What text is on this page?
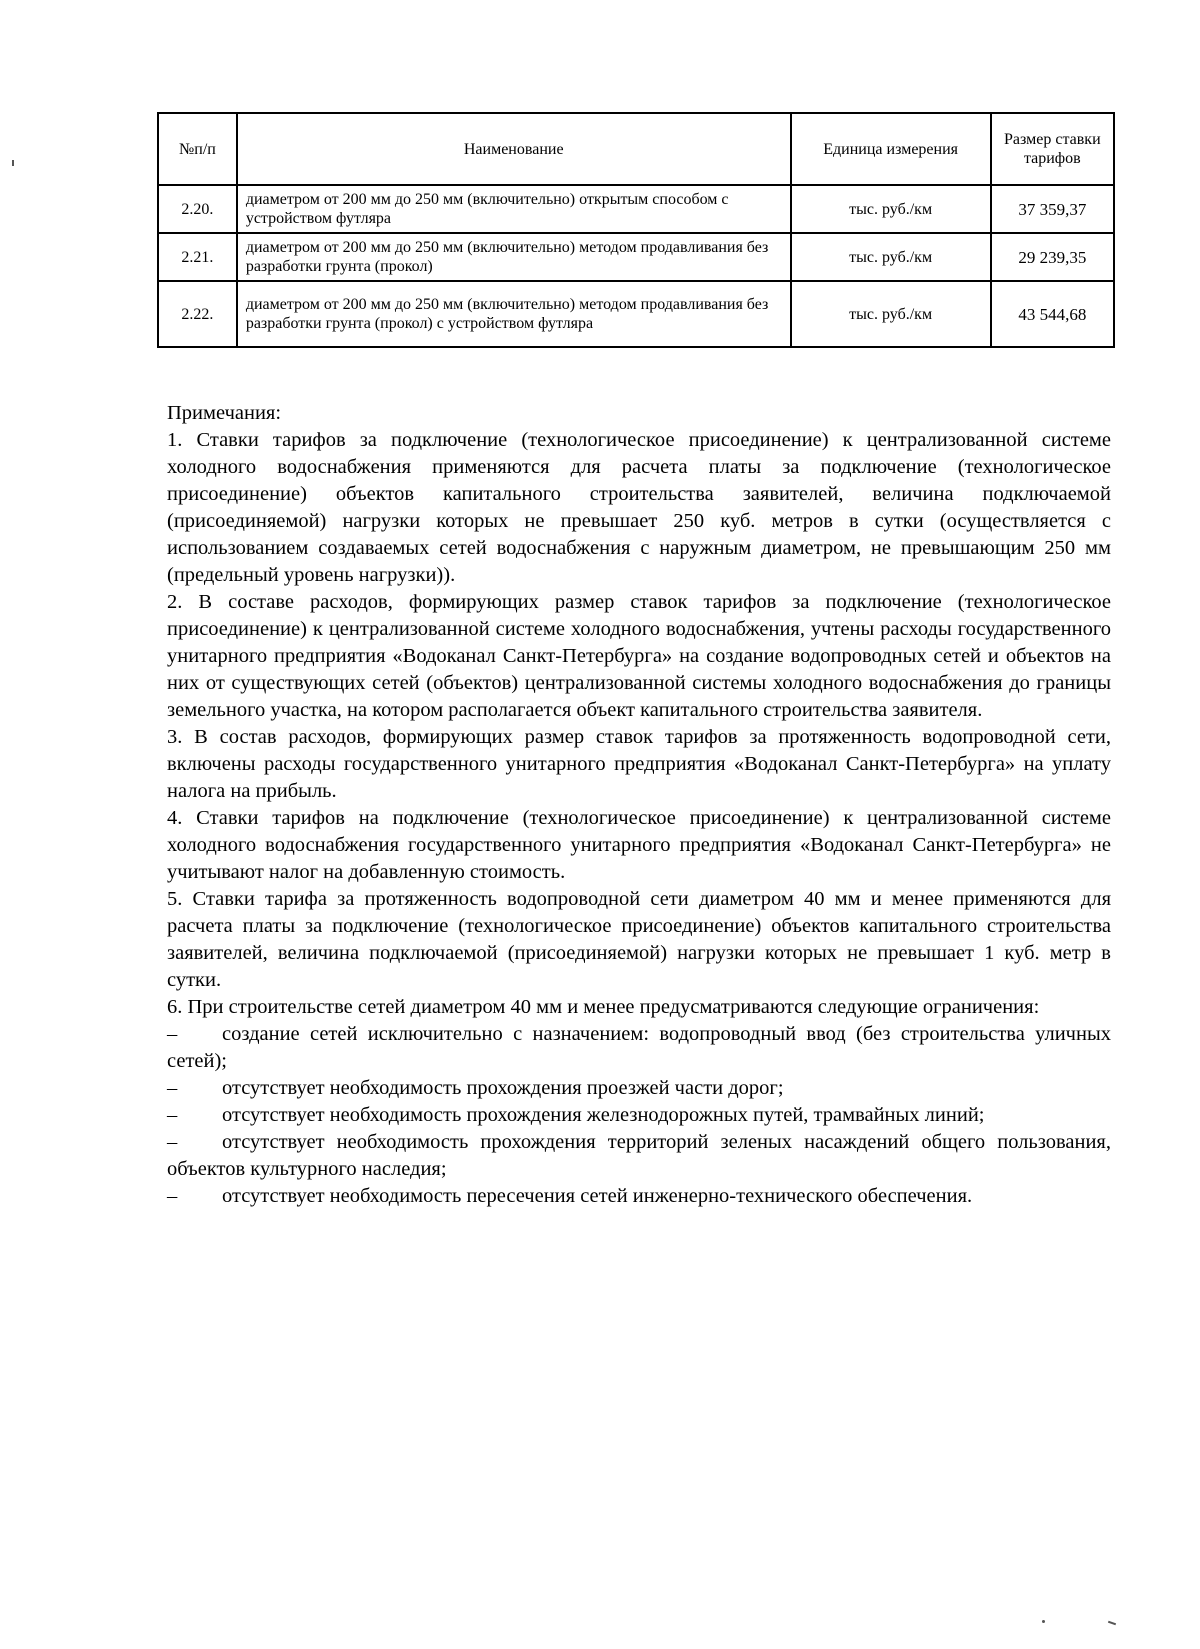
№п/п	Наименование	Единица измерения	Размер ставки тарифов
2.20.	диаметром от 200 мм до 250 мм (включительно) открытым способом с устройством футляра	тыс. руб./км	37 359,37
2.21.	диаметром от 200 мм до 250 мм (включительно) методом продавливания без разработки грунта (прокол)	тыс. руб./км	29 239,35
2.22.	диаметром от 200 мм до 250 мм (включительно) методом продавливания без разработки грунта (прокол) с устройством футляра	тыс. руб./км	43 544,68

Примечания:

1. Ставки тарифов за подключение (технологическое присоединение) к централизованной системе холодного водоснабжения применяются для расчета платы за подключение (технологическое присоединение) объектов капитального строительства заявителей, величина подключаемой (присоединяемой) нагрузки которых не превышает 250 куб. метров в сутки (осуществляется с использованием создаваемых сетей водоснабжения с наружным диаметром, не превышающим 250 мм (предельный уровень нагрузки)).

2. В составе расходов, формирующих размер ставок тарифов за подключение (технологическое присоединение) к централизованной системе холодного водоснабжения, учтены расходы государственного унитарного предприятия «Водоканал Санкт-Петербурга» на создание водопроводных сетей и объектов на них от существующих сетей (объектов) централизованной системы холодного водоснабжения до границы земельного участка, на котором располагается объект капитального строительства заявителя.

3. В состав расходов, формирующих размер ставок тарифов за протяженность водопроводной сети, включены расходы государственного унитарного предприятия «Водоканал Санкт-Петербурга» на уплату налога на прибыль.

4. Ставки тарифов на подключение (технологическое присоединение) к централизованной системе холодного водоснабжения государственного унитарного предприятия «Водоканал Санкт-Петербурга» не учитывают налог на добавленную стоимость.

5. Ставки тарифа за протяженность водопроводной сети диаметром 40 мм и менее применяются для расчета платы за подключение (технологическое присоединение) объектов капитального строительства заявителей, величина подключаемой (присоединяемой) нагрузки которых не превышает 1 куб. метр в сутки.

6. При строительстве сетей диаметром 40 мм и менее предусматриваются следующие ограничения:

– создание сетей исключительно с назначением: водопроводный ввод (без строительства уличных сетей);

– отсутствует необходимость прохождения проезжей части дорог;

– отсутствует необходимость прохождения железнодорожных путей, трамвайных линий;

– отсутствует необходимость прохождения территорий зеленых насаждений общего пользования, объектов культурного наследия;

– отсутствует необходимость пересечения сетей инженерно-технического обеспечения.
